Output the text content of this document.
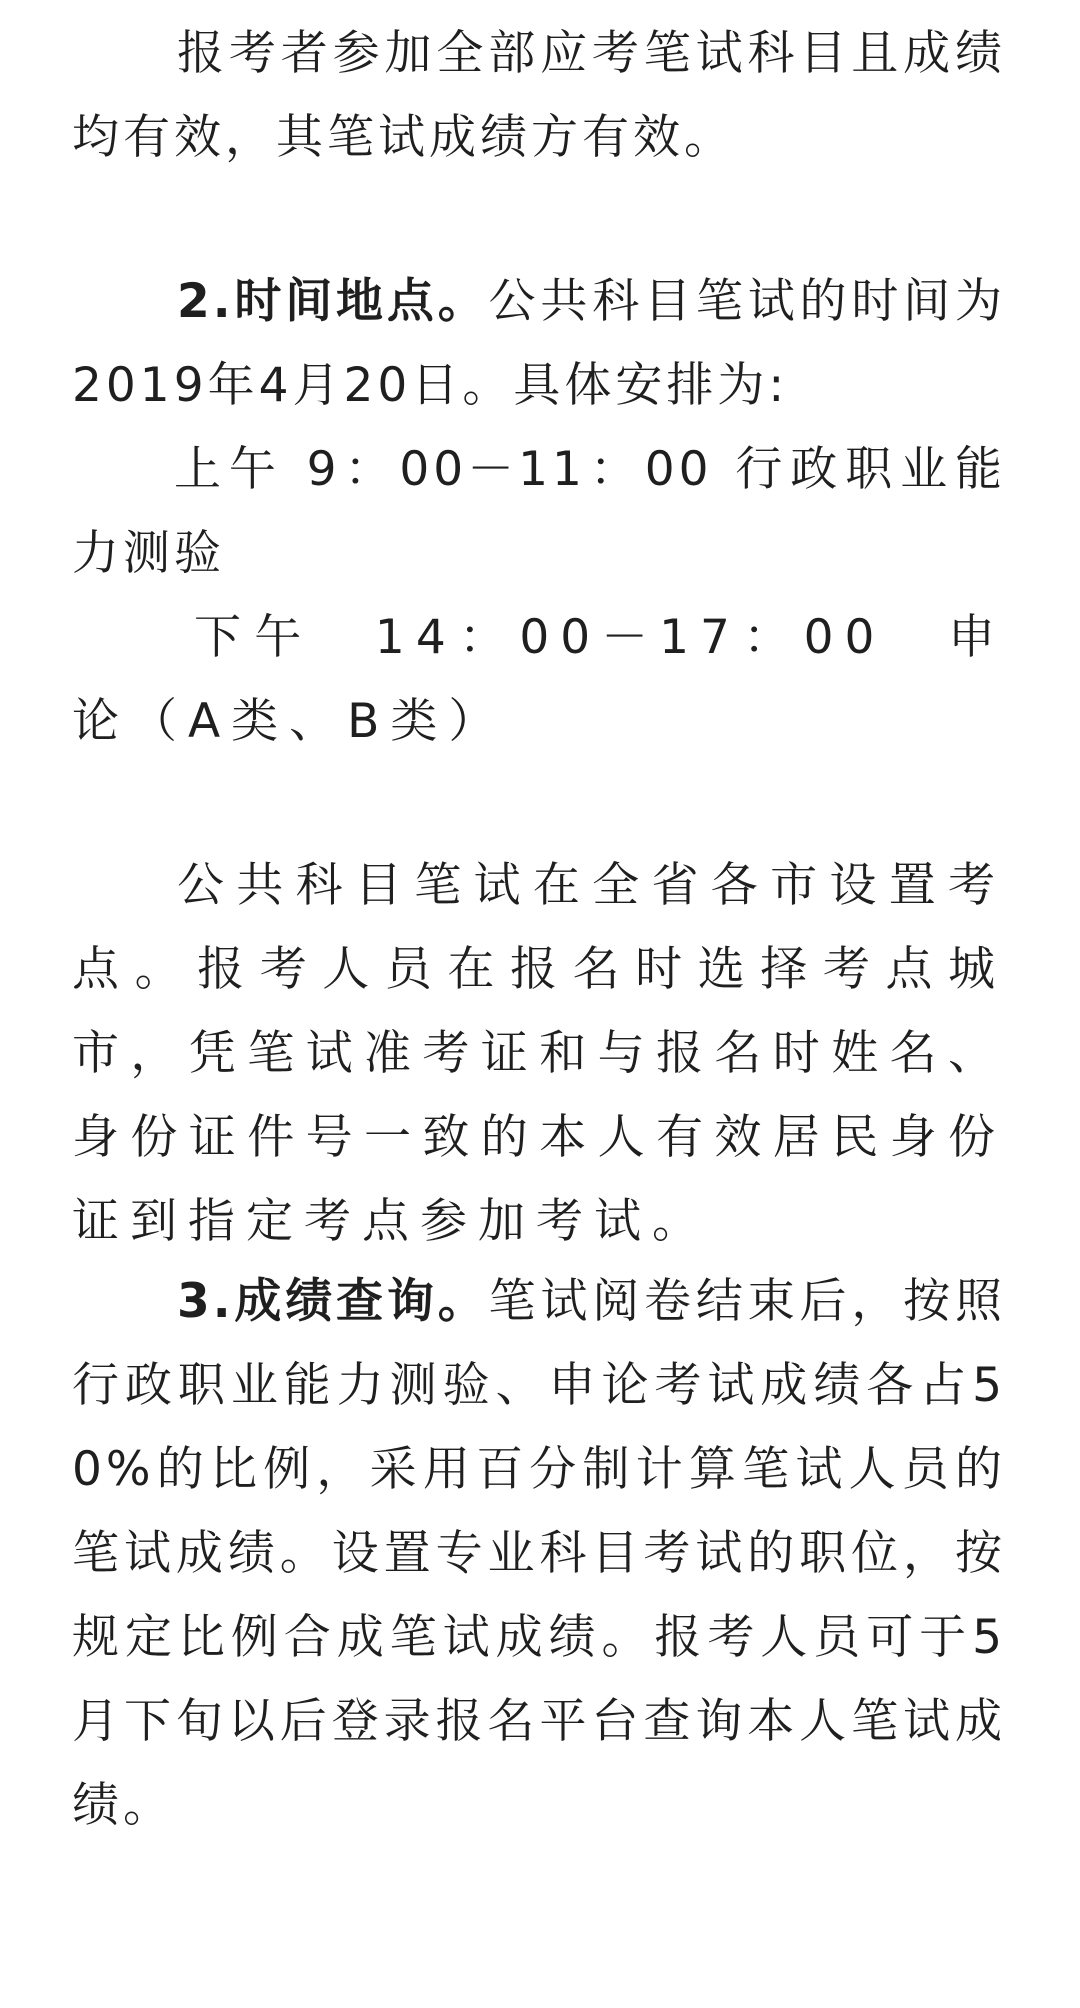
报考者参加全部应考笔试科目且成绩均有效，其笔试成绩方有效。

2.时间地点。公共科目笔试的时间为2019年4月20日。具体安排为:

上午 9：00－11：00 行政职业能力测验

下午　14：00－17：00　申论（A类、B类）

公共科目笔试在全省各市设置考点。报考人员在报名时选择考点城市，凭笔试准考证和与报名时姓名、身份证件号一致的本人有效居民身份证到指定考点参加考试。

3.成绩查询。笔试阅卷结束后，按照行政职业能力测验、申论考试成绩各占50%的比例，采用百分制计算笔试人员的笔试成绩。设置专业科目考试的职位，按规定比例合成笔试成绩。报考人员可于5月下旬以后登录报名平台查询本人笔试成绩。
